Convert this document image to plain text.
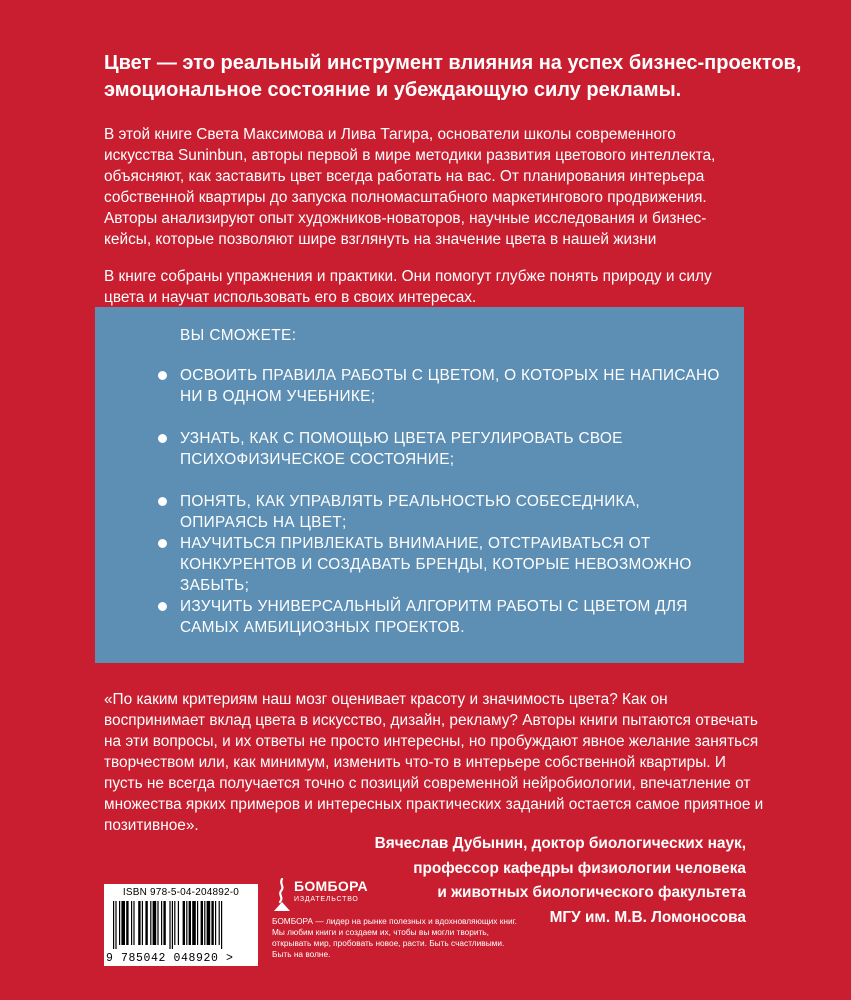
Цвет — это реальный инструмент влияния на успех бизнес-проектов, эмоциональное состояние и убеждающую силу рекламы.

В этой книге Света Максимова и Лива Тагира, основатели школы современного искусства Suninbun, авторы первой в мире методики развития цветового интеллекта, объясняют, как заставить цвет всегда работать на вас. От планирования интерьера собственной квартиры до запуска полномасштабного маркетингового продвижения. Авторы анализируют опыт художников-новаторов, научные исследования и бизнес-кейсы, которые позволяют шире взглянуть на значение цвета в нашей жизни

В книге собраны упражнения и практики. Они помогут глубже понять природу и силу цвета и научат использовать его в своих интересах.

ВЫ СМОЖЕТЕ:
ОСВОИТЬ ПРАВИЛА РАБОТЫ С ЦВЕТОМ, О КОТОРЫХ НЕ НАПИСАНО НИ В ОДНОМ УЧЕБНИКЕ;
УЗНАТЬ, КАК С ПОМОЩЬЮ ЦВЕТА РЕГУЛИРОВАТЬ СВОЕ ПСИХОФИЗИЧЕСКОЕ СОСТОЯНИЕ;
ПОНЯТЬ, КАК УПРАВЛЯТЬ РЕАЛЬНОСТЬЮ СОБЕСЕДНИКА, ОПИРАЯСЬ НА ЦВЕТ;
НАУЧИТЬСЯ ПРИВЛЕКАТЬ ВНИМАНИЕ, ОТСТРАИВАТЬСЯ ОТ КОНКУРЕНТОВ И СОЗДАВАТЬ БРЕНДЫ, КОТОРЫЕ НЕВОЗМОЖНО ЗАБЫТЬ;
ИЗУЧИТЬ УНИВЕРСАЛЬНЫЙ АЛГОРИТМ РАБОТЫ С ЦВЕТОМ ДЛЯ САМЫХ АМБИЦИОЗНЫХ ПРОЕКТОВ.
«По каким критериям наш мозг оценивает красоту и значимость цвета? Как он воспринимает вклад цвета в искусство, дизайн, рекламу? Авторы книги пытаются отвечать на эти вопросы, и их ответы не просто интересны, но пробуждают явное желание заняться творчеством или, как минимум, изменить что-то в интерьере собственной квартиры. И пусть не всегда получается точно с позиций современной нейробиологии, впечатление от множества ярких примеров и интересных практических заданий остается самое приятное и позитивное».
Вячеслав Дубынин, доктор биологических наук,
профессор кафедры физиологии человека
и животных биологического факультета
МГУ им. М.В. Ломоносова
ISBN 978-5-04-204892-0
9 785042 048920 >
БОМБОРА
ИЗДАТЕЛЬСТВО
БОМБОРА — лидер на рынке полезных и вдохновляющих книг. Мы любим книги и создаем их, чтобы вы могли творить, открывать мир, пробовать новое, расти. Быть счастливыми. Быть на волне.
